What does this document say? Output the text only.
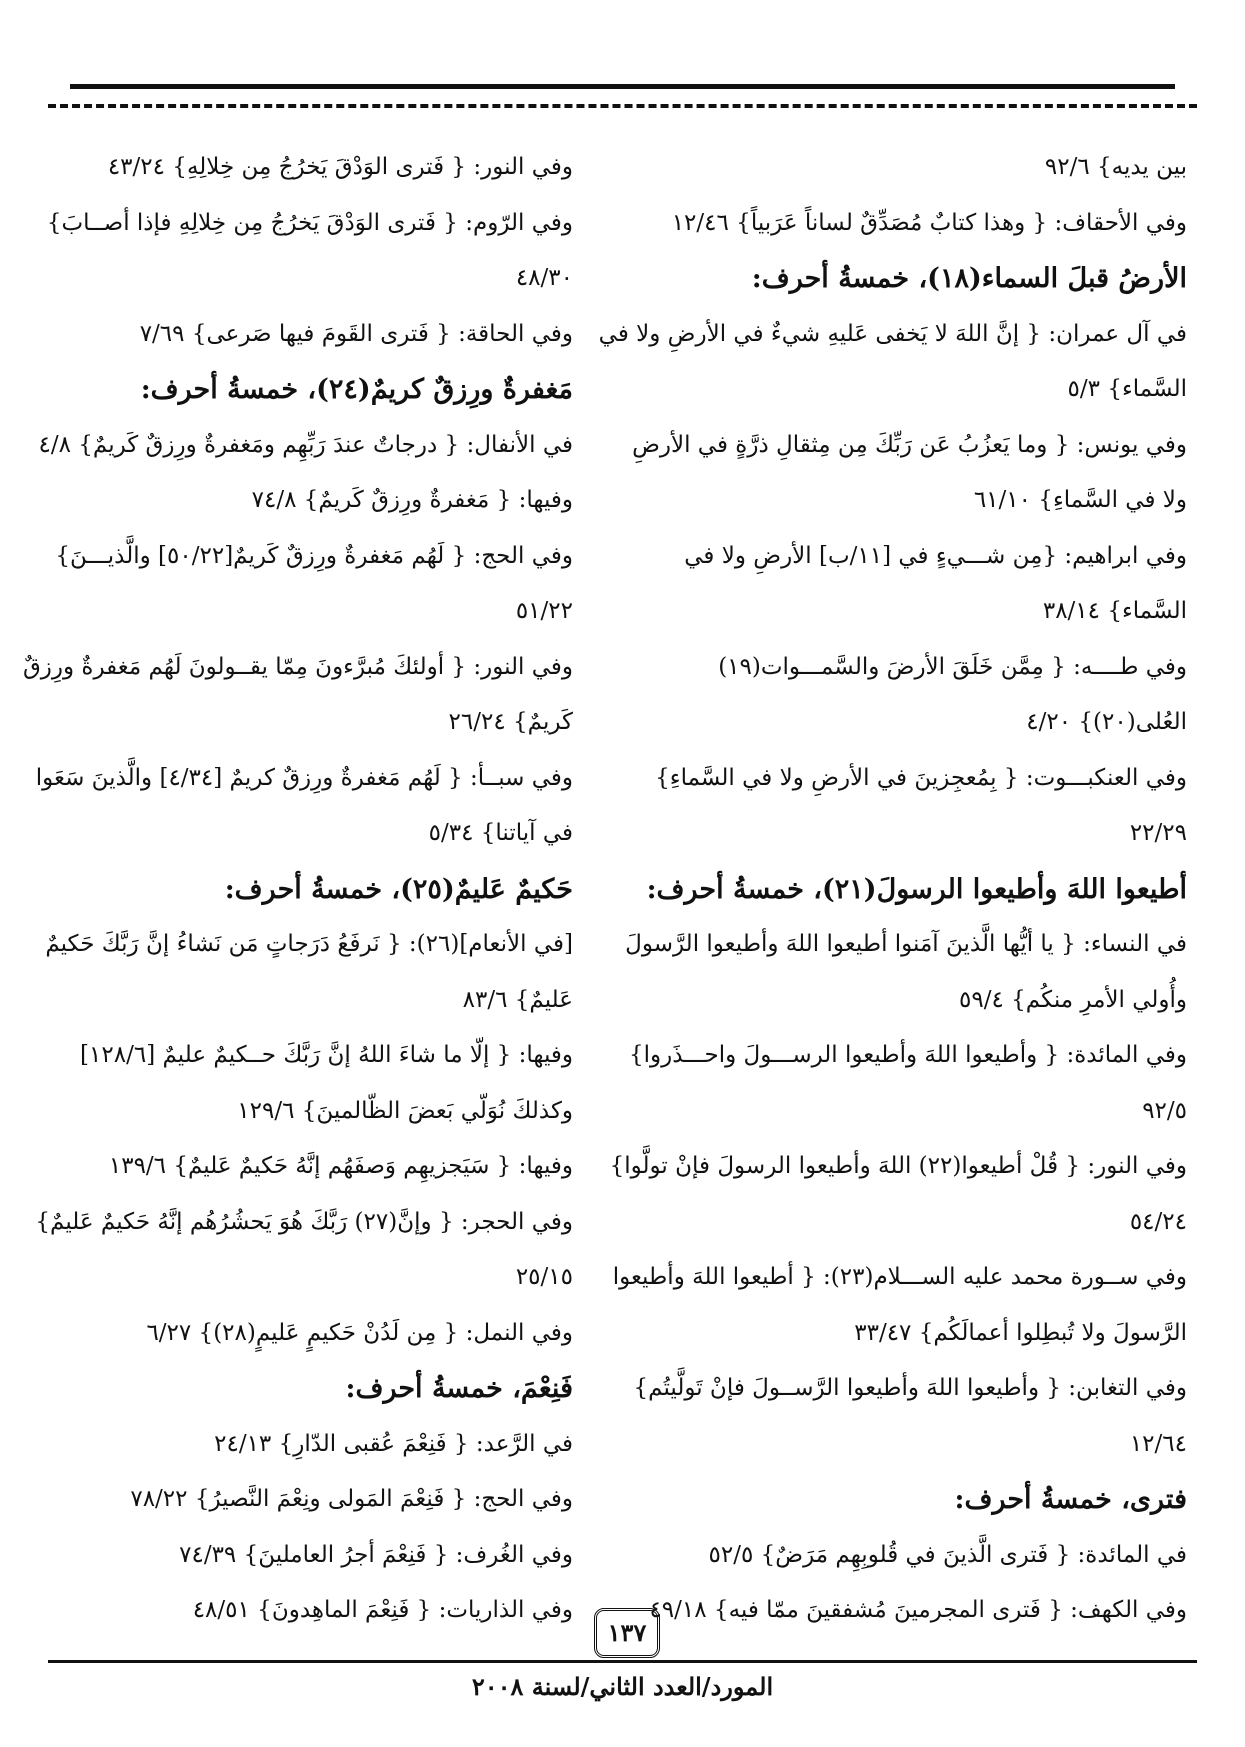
بين يديه} ٩٢/٦
وفي الأحقاف: { وهذا كتابٌ مُصَدِّقٌ لساناً عَرَبياً} ١٢/٤٦
الأرضُ قبلَ السماء(١٨)، خمسةُ أحرف:
في آل عمران: { إنَّ اللهَ لا يَخفى عَليهِ شيءٌ في الأرضِ ولا في
السَّماء} ٥/٣
وفي يونس: { وما يَعزُبُ عَن رَبِّكَ مِن مِثقالِ ذرَّةٍ في الأرضِ
ولا في السَّماءِ} ٦١/١٠
وفي ابراهيم: {مِن شـــيءٍ في [١١/ب] الأرضِ ولا في
السَّماء} ٣٨/١٤
وفي طــــه: { مِمَّن خَلَقَ الأرضَ والسَّمـــوات(١٩)
العُلى(٢٠)} ٤/٢٠
وفي العنكبـــوت: { بِمُعجِزينَ في الأرضِ ولا في السَّماءِ}
٢٢/٢٩
أطيعوا اللهَ وأطيعوا الرسولَ(٢١)، خمسةُ أحرف:
في النساء: { يا أيُّها الَّذينَ آمَنوا أطيعوا اللهَ وأطيعوا الرَّسولَ
وأُولي الأمرِ منكُم} ٥٩/٤
وفي المائدة: { وأطيعوا اللهَ وأطيعوا الرســـولَ واحـــذَروا}
٩٢/٥
وفي النور: { قُلْ أطيعوا(٢٢) اللهَ وأطيعوا الرسولَ فإنْ تولَّوا}
٥٤/٢٤
وفي ســورة محمد عليه الســـلام(٢٣): { أطيعوا اللهَ وأطيعوا
الرَّسولَ ولا تُبطِلوا أعمالَكُم} ٣٣/٤٧
وفي التغابن: { وأطيعوا اللهَ وأطيعوا الرَّســولَ فإنْ تَولَّيتُم}
١٢/٦٤
فترى، خمسةُ أحرف:
في المائدة: { فَترى الَّذينَ في قُلوبِهِم مَرَضٌ} ٥٢/٥
وفي الكهف: { فَترى المجرمينَ مُشفقينَ ممّا فيه} ٤٩/١٨
وفي النور: { فَترى الوَدْقَ يَخرُجُ مِن خِلالِهِ} ٤٣/٢٤
وفي الرّوم: { فَترى الوَدْقَ يَخرُجُ مِن خِلالِهِ فإذا أصــابَ}
٤٨/٣٠
وفي الحاقة: { فَترى القَومَ فيها صَرعى} ٧/٦٩
مَغفرةٌ ورِزقٌ كريمٌ(٢٤)، خمسةُ أحرف:
في الأنفال: { درجاتٌ عندَ رَبِّهِم ومَغفرةٌ ورِزقٌ كَريمٌ} ٤/٨
وفيها: { مَغفرةٌ ورِزقٌ كَريمٌ} ٧٤/٨
وفي الحج: { لَهُم مَغفرةٌ ورِزقٌ كَريمٌ[٥٠/٢٢] والَّذيـــنَ}
٥١/٢٢
وفي النور: { أولئكَ مُبرَّءونَ مِمّا يقــولونَ لَهُم مَغفرةٌ ورِزقٌ
كَريمٌ} ٢٦/٢٤
وفي سبــأ: { لَهُم مَغفرةٌ ورِزقٌ كريمٌ [٤/٣٤] والَّذينَ سَعَوا
في آياتنا} ٥/٣٤
حَكيمٌ عَليمٌ(٢٥)، خمسةُ أحرف:
[في الأنعام](٢٦): { نَرفَعُ دَرَجاتٍ مَن نَشاءُ إنَّ رَبَّكَ حَكيمٌ
عَليمٌ} ٨٣/٦
وفيها: { إلّا ما شاءَ اللهُ إنَّ رَبَّكَ حــكيمٌ عليمٌ [١٢٨/٦]
وكذلكَ نُوَلّي بَعضَ الظّالمينَ} ١٢٩/٦
وفيها: { سَيَجزيهِم وَصفَهُم إنَّهُ حَكيمٌ عَليمٌ} ١٣٩/٦
وفي الحجر: { وإنَّ(٢٧) رَبَّكَ هُوَ يَحشُرُهُم إنَّهُ حَكيمٌ عَليمٌ}
٢٥/١٥
وفي النمل: { مِن لَدُنْ حَكيمٍ عَليمٍ(٢٨)} ٦/٢٧
فَنِعْمَ، خمسةُ أحرف:
في الرَّعد: { فَنِعْمَ عُقبى الدّارِ} ٢٤/١٣
وفي الحج: { فَنِعْمَ المَولى ونِعْمَ النَّصيرُ} ٧٨/٢٢
وفي الغُرف: { فَنِعْمَ أجرُ العاملينَ} ٧٤/٣٩
وفي الذاريات: { فَنِعْمَ الماهِدونَ} ٤٨/٥١
١٣٧
المورد/العدد الثاني/لسنة ٢٠٠٨
